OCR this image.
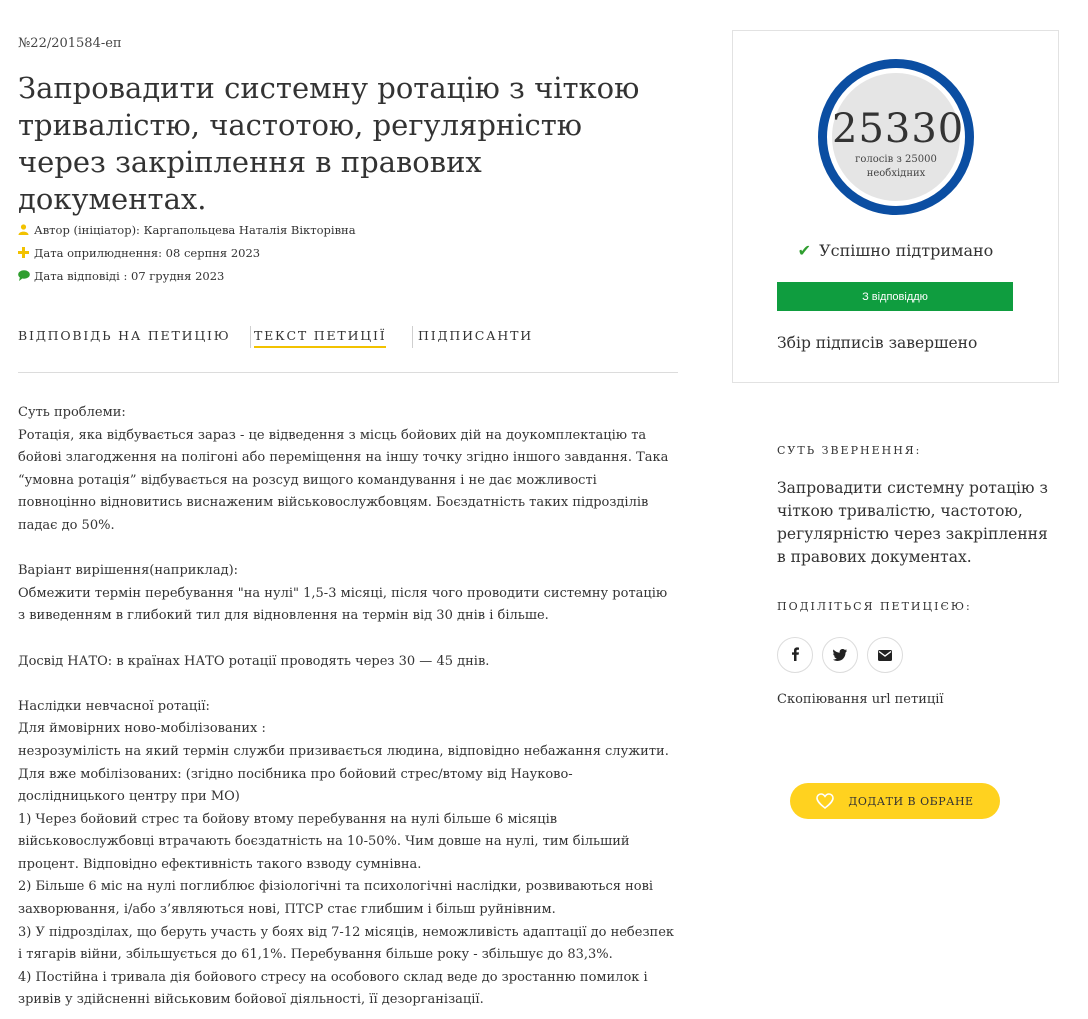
№22/201584-еп
Запровадити системну ротацію з чіткою тривалістю, частотою, регулярністю через закріплення в правових документах.
Автор (ініціатор): Каргапольцева Наталія Вікторівна
Дата оприлюднення: 08 серпня 2023
Дата відповіді : 07 грудня 2023
ВІДПОВІДЬ НА ПЕТИЦІЮ ТЕКСТ ПЕТИЦІЇ	ПІДПИСАНТИ

Суть проблеми:

Ротація, яка відбувається зараз - це відведення з місць бойових дій на доукомплектацію та бойові злагодження на полігоні або переміщення на іншу точку згідно іншого завдання. Така “умовна ротація” відбувається на розсуд вищого командування і не дає можливості повноцінно відновитись виснаженим військовослужбовцям. Боєздатність таких підрозділів падає до 50%.

Варіант вирішення(наприклад):

Обмежити термін перебування "на нулі" 1,5-3 місяці, після чого проводити системну ротацію з виведенням в глибокий тил для відновлення на термін від 30 днів і більше.

Досвід НАТО: в країнах НАТО ротації проводять через 30 — 45 днів.

Наслідки невчасної ротації:

Для ймовірних ново-мобілізованих :

незрозумілість на який термін служби призивається людина, відповідно небажання служити.

Для вже мобілізованих: (згідно посібника про бойовий стрес/втому від Науково-дослідницького центру при МО)

1) Через бойовий стрес та бойову втому перебування на нулі більше 6 місяців військовослужбовці втрачають боєздатність на 10-50%. Чим довше на нулі, тим більший процент. Відповідно ефективність такого взводу сумнівна.

2) Більше 6 міс на нулі поглиблює фізіологічні та психологічні наслідки, розвиваються нові захворювання, і/або з’являються нові, ПТСР стає глибшим і більш руйнівним.

3) У підрозділах, що беруть участь у боях від 7-12 місяців, неможливість адаптації до небезпек і тягарів війни, збільшується до 61,1%. Перебування більше року - збільшує до 83,3%.

4) Постійна і тривала дія бойового стресу на особового склад веде до зростанню помилок і зривів у здійсненні військовим бойової діяльності, її дезорганізації.

25330
голосів з 25000
необхідних
✔ Успішно підтримано
З відповіддю
Збір підписів завершено
СУТЬ ЗВЕРНЕННЯ:
Запровадити системну ротацію з чіткою тривалістю, частотою, регулярністю через закріплення в правових документах.
ПОДІЛІТЬСЯ ПЕТИЦІЄЮ:
Скопіювання url петиції
ДОДАТИ В ОБРАНЕ
